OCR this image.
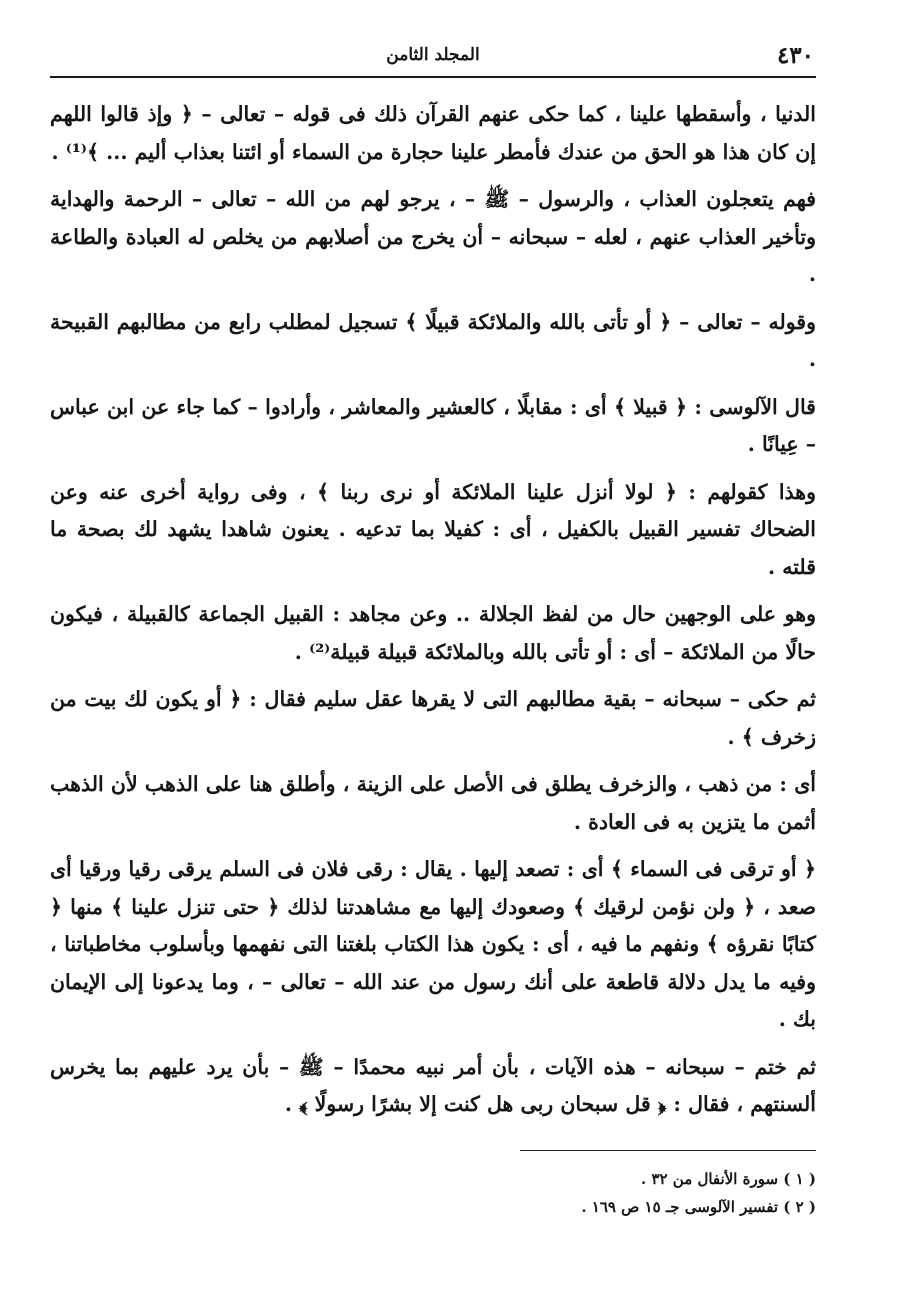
٤٣٠
المجلد الثامن

الدنيا ، وأسقطها علينا ، كما حكى عنهم القرآن ذلك فى قوله – تعالى – ﴿ وإذ قالوا اللهم إن كان هذا هو الحق من عندك فأمطر علينا حجارة من السماء أو ائتنا بعذاب أليم ... ﴾⁽¹⁾ .

فهم يتعجلون العذاب ، والرسول – ﷺ – ، يرجو لهم من الله – تعالى – الرحمة والهداية وتأخير العذاب عنهم ، لعله – سبحانه – أن يخرج من أصلابهم من يخلص له العبادة والطاعة .

وقوله – تعالى – ﴿ أو تأتى بالله والملائكة قبيلًا ﴾ تسجيل لمطلب رابع من مطالبهم القبيحة .

قال الآلوسى : ﴿ قبيلا ﴾ أى : مقابلًا ، كالعشير والمعاشر ، وأرادوا – كما جاء عن ابن عباس – عِيانًا .

وهذا كقولهم : ﴿ لولا أنزل علينا الملائكة أو نرى ربنا ﴾ ، وفى رواية أخرى عنه وعن الضحاك تفسير القبيل بالكفيل ، أى : كفيلا بما تدعيه . يعنون شاهدا يشهد لك بصحة ما قلته .

وهو على الوجهين حال من لفظ الجلالة .. وعن مجاهد : القبيل الجماعة كالقبيلة ، فيكون حالًا من الملائكة – أى : أو تأتى بالله وبالملائكة قبيلة قبيلة⁽²⁾ .

ثم حكى – سبحانه – بقية مطالبهم التى لا يقرها عقل سليم فقال : ﴿ أو يكون لك بيت من زخرف ﴾ .

أى : من ذهب ، والزخرف يطلق فى الأصل على الزينة ، وأطلق هنا على الذهب لأن الذهب أثمن ما يتزين به فى العادة .

﴿ أو ترقى فى السماء ﴾ أى : تصعد إليها . يقال : رقى فلان فى السلم يرقى رقيا ورقيا أى صعد ، ﴿ ولن نؤمن لرقيك ﴾ وصعودك إليها مع مشاهدتنا لذلك ﴿ حتى تنزل علينا ﴾ منها ﴿ كتابًا نقرؤه ﴾ ونفهم ما فيه ، أى : يكون هذا الكتاب بلغتنا التى نفهمها وبأسلوب مخاطباتنا ، وفيه ما يدل دلالة قاطعة على أنك رسول من عند الله – تعالى – ، وما يدعونا إلى الإيمان بك .

ثم ختم – سبحانه – هذه الآيات ، بأن أمر نبيه محمدًا – ﷺ – بأن يرد عليهم بما يخرس ألسنتهم ، فقال : ﴿ قل سبحان ربى هل كنت إلا بشرًا رسولًا ﴾ .

( ١ ) سورة الأنفال من ٣٢ .

( ٢ ) تفسير الآلوسى جـ ١٥ ص ١٦٩ .
